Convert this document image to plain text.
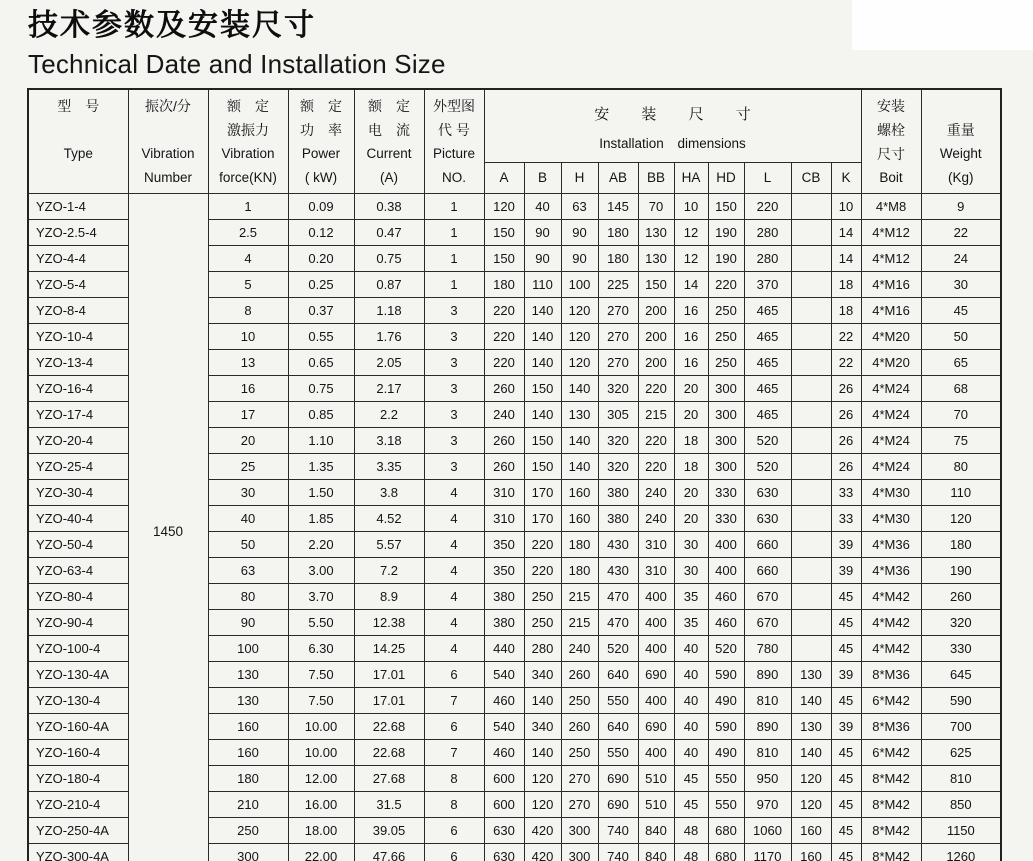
技术参数及安装尺寸
Technical Date and Installation Size
型　号
Type

振次/分
Vibration
Number

额　定
激振力
Vibration
force(KN)

额　定
功　率
Power
( kW)

额　定
电　流
Current
(A)

外型图
代 号
Picture
NO.

安 装 尺 寸
Installation dimensions

安装
螺栓
尺寸
Boit

重量
Weight
(Kg)

						A	B	H	AB	BB	HA	HD	L	CB	K		
YZO-1-4	1450	1	0.09	0.38	1	120	40	63	145	70	10	150	220		10	4*M8	9
YZO-2.5-4		2.5	0.12	0.47	1	150	90	90	180	130	12	190	280		14	4*M12	22
YZO-4-4		4	0.20	0.75	1	150	90	90	180	130	12	190	280		14	4*M12	24
YZO-5-4		5	0.25	0.87	1	180	110	100	225	150	14	220	370		18	4*M16	30
YZO-8-4		8	0.37	1.18	3	220	140	120	270	200	16	250	465		18	4*M16	45
YZO-10-4		10	0.55	1.76	3	220	140	120	270	200	16	250	465		22	4*M20	50
YZO-13-4		13	0.65	2.05	3	220	140	120	270	200	16	250	465		22	4*M20	65
YZO-16-4		16	0.75	2.17	3	260	150	140	320	220	20	300	465		26	4*M24	68
YZO-17-4		17	0.85	2.2	3	240	140	130	305	215	20	300	465		26	4*M24	70
YZO-20-4		20	1.10	3.18	3	260	150	140	320	220	18	300	520		26	4*M24	75
YZO-25-4		25	1.35	3.35	3	260	150	140	320	220	18	300	520		26	4*M24	80
YZO-30-4		30	1.50	3.8	4	310	170	160	380	240	20	330	630		33	4*M30	110
YZO-40-4		40	1.85	4.52	4	310	170	160	380	240	20	330	630		33	4*M30	120
YZO-50-4		50	2.20	5.57	4	350	220	180	430	310	30	400	660		39	4*M36	180
YZO-63-4		63	3.00	7.2	4	350	220	180	430	310	30	400	660		39	4*M36	190
YZO-80-4		80	3.70	8.9	4	380	250	215	470	400	35	460	670		45	4*M42	260
YZO-90-4		90	5.50	12.38	4	380	250	215	470	400	35	460	670		45	4*M42	320
YZO-100-4		100	6.30	14.25	4	440	280	240	520	400	40	520	780		45	4*M42	330
YZO-130-4A		130	7.50	17.01	6	540	340	260	640	690	40	590	890	130	39	8*M36	645
YZO-130-4		130	7.50	17.01	7	460	140	250	550	400	40	490	810	140	45	6*M42	590
YZO-160-4A		160	10.00	22.68	6	540	340	260	640	690	40	590	890	130	39	8*M36	700
YZO-160-4		160	10.00	22.68	7	460	140	250	550	400	40	490	810	140	45	6*M42	625
YZO-180-4		180	12.00	27.68	8	600	120	270	690	510	45	550	950	120	45	8*M42	810
YZO-210-4		210	16.00	31.5	8	600	120	270	690	510	45	550	970	120	45	8*M42	850
YZO-250-4A		250	18.00	39.05	6	630	420	300	740	840	48	680	1060	160	45	8*M42	1150
YZO-300-4A		300	22.00	47.66	6	630	420	300	740	840	48	680	1170	160	45	8*M42	1260
